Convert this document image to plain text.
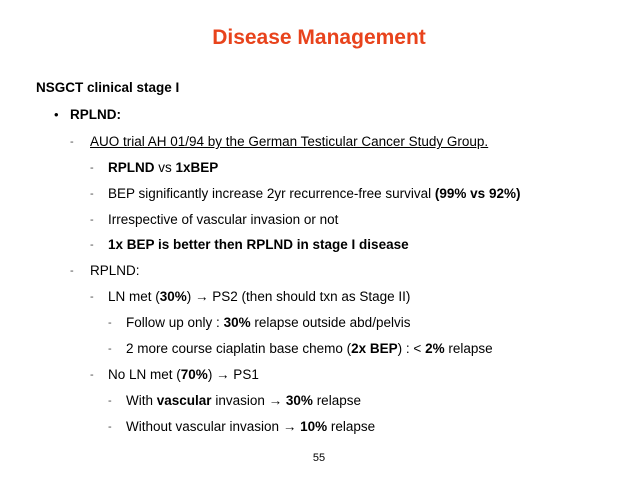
Disease Management
NSGCT clinical stage I
• RPLND:
- AUO trial AH 01/94 by the German Testicular Cancer Study Group.
- RPLND vs 1xBEP
- BEP significantly increase 2yr recurrence-free survival (99% vs 92%)
- Irrespective of vascular invasion or not
- 1x BEP is better then RPLND in stage I disease
- RPLND:
- LN met (30%) → PS2 (then should txn as Stage II)
- Follow up only : 30% relapse outside abd/pelvis
- 2 more course ciaplatin base chemo (2x BEP) : < 2% relapse
- No LN met (70%) → PS1
- With vascular invasion → 30% relapse
- Without vascular invasion → 10% relapse
55
